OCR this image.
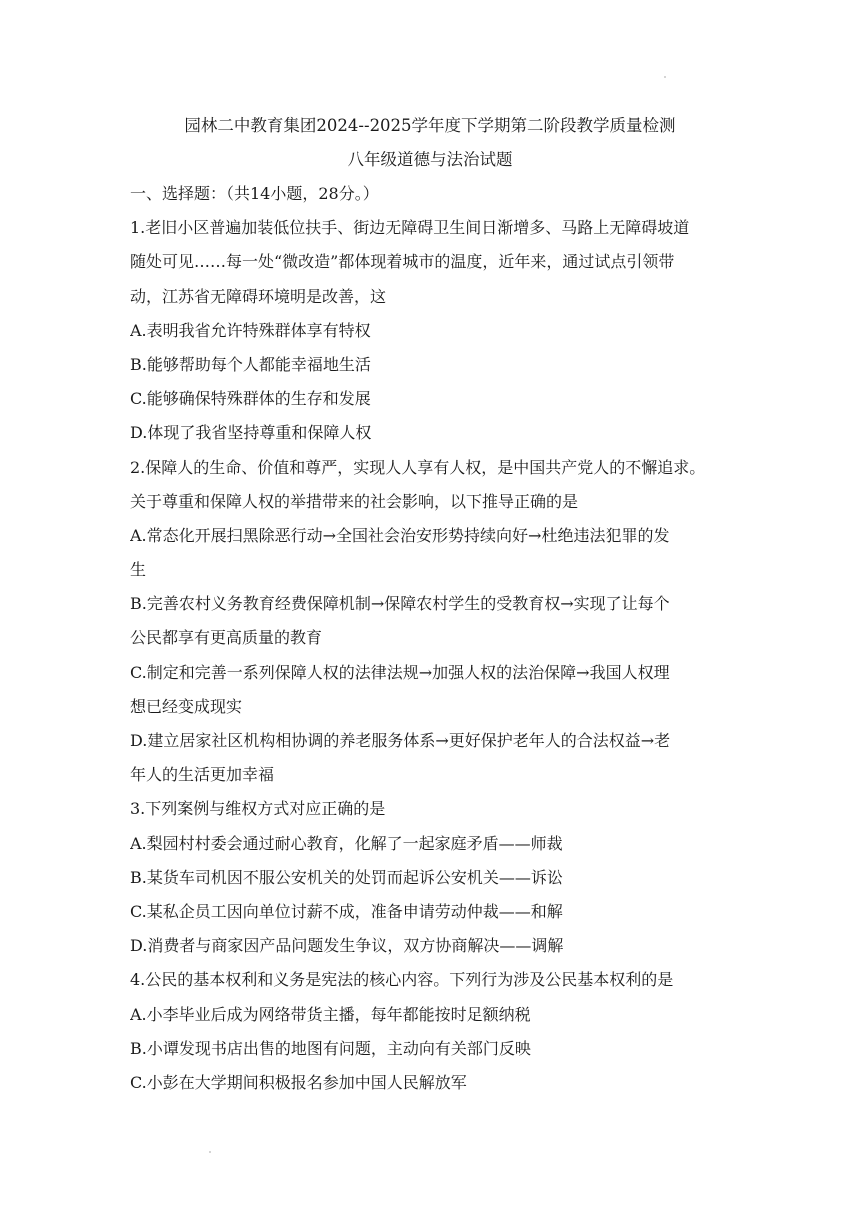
园林二中教育集团2024--2025学年度下学期第二阶段教学质量检测
八年级道德与法治试题
一、选择题：（共14小题，28分。）
1.老旧小区普遍加装低位扶手、街边无障碍卫生间日渐增多、马路上无障碍坡道
随处可见……每一处“微改造”都体现着城市的温度，近年来，通过试点引领带
动，江苏省无障碍环境明是改善，这
A.表明我省允许特殊群体享有特权
B.能够帮助每个人都能幸福地生活
C.能够确保特殊群体的生存和发展
D.体现了我省坚持尊重和保障人权
2.保障人的生命、价值和尊严，实现人人享有人权，是中国共产党人的不懈追求。
关于尊重和保障人权的举措带来的社会影响，以下推导正确的是
A.常态化开展扫黑除恶行动→全国社会治安形势持续向好→杜绝违法犯罪的发
生
B.完善农村义务教育经费保障机制→保障农村学生的受教育权→实现了让每个
公民都享有更高质量的教育
C.制定和完善一系列保障人权的法律法规→加强人权的法治保障→我国人权理
想已经变成现实
D.建立居家社区机构相协调的养老服务体系→更好保护老年人的合法权益→老
年人的生活更加幸福
3.下列案例与维权方式对应正确的是
A.梨园村村委会通过耐心教育，化解了一起家庭矛盾——师裁
B.某货车司机因不服公安机关的处罚而起诉公安机关——诉讼
C.某私企员工因向单位讨薪不成，准备申请劳动仲裁——和解
D.消费者与商家因产品问题发生争议，双方协商解决——调解
4.公民的基本权利和义务是宪法的核心内容。下列行为涉及公民基本权利的是
A.小李毕业后成为网络带货主播，每年都能按时足额纳税
B.小谭发现书店出售的地图有问题，主动向有关部门反映
C.小彭在大学期间积极报名参加中国人民解放军
